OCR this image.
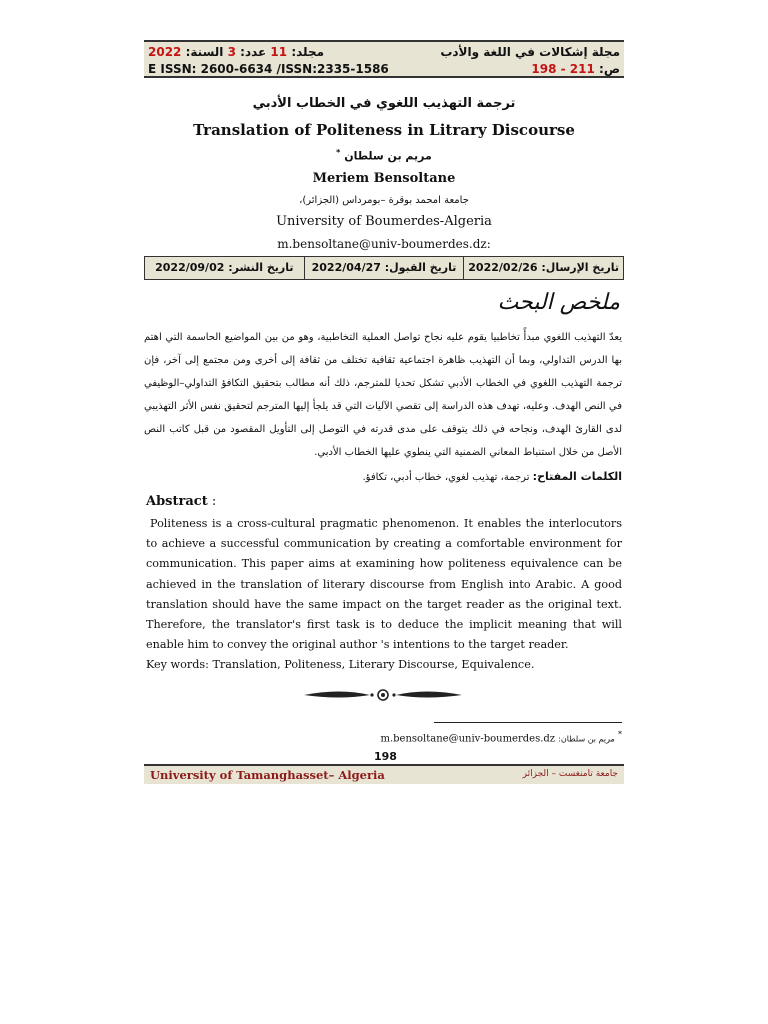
مجلد: 11 عدد: 3 السنة: 2022
E ISSN: 2600-6634 /ISSN:2335-1586
مجلة إشكالات في اللغة والأدب
ص: 198 - 211
ترجمة التهذيب اللغوي في الخطاب الأدبي
Translation of Politeness in Litrary Discourse
مريم بن سلطان *
Meriem Bensoltane
جامعة امحمد بوقرة –بومرداس (الجزائر)،
University of Boumerdes-Algeria
m.bensoltane@univ-boumerdes.dz:
تاريخ الإرسال: 2022/02/26
تاريخ القبول: 2022/04/27
تاريخ النشر: 2022/09/02
ملخص البحث
يعدّ التهذيب اللغوي مبدأً تخاطبيا يقوم عليه نجاح تواصل العملية التخاطبية، وهو من بين المواضيع الحاسمة التي اهتم بها الدرس التداولي، وبما أن التهذيب ظاهرة اجتماعية ثقافية تختلف من ثقافة إلى أخرى ومن مجتمع إلى آخر، فإن ترجمة التهذيب اللغوي في الخطاب الأدبي تشكل تحديا للمترجم، ذلك أنه مطالب بتحقيق التكافؤ التداولي–الوظيفي في النص الهدف. وعليه، تهدف هذه الدراسة إلى تقصي الآليات التي قد يلجأ إليها المترجم لتحقيق نفس الأثر التهذيبي لدى القارئ الهدف، ونجاحه في ذلك يتوقف على مدى قدرته في التوصل إلى التأويل المقصود من قبل كاتب النص الأصل من خلال استنباط المعاني الضمنية التي ينطوي عليها الخطاب الأدبي.
الكلمات المفتاح: ترجمة، تهذيب لغوي، خطاب أدبي، تكافؤ.
Abstract :
Politeness is a cross-cultural pragmatic phenomenon. It enables the interlocutors to achieve a successful communication by creating a comfortable environment for communication. This paper aims at examining how politeness equivalence can be achieved in the translation of literary discourse from English into Arabic. A good translation should have the same impact on the target reader as the original text. Therefore, the translator's first task is to deduce the implicit meaning that will enable him to convey the original author 's intentions to the target reader.
Key words: Translation, Politeness, Literary Discourse, Equivalence.
m.bensoltane@univ-boumerdes.dz مريم بن سلطان: *
198
University of Tamanghasset– Algeria	جامعة تامنغست – الجزائر
